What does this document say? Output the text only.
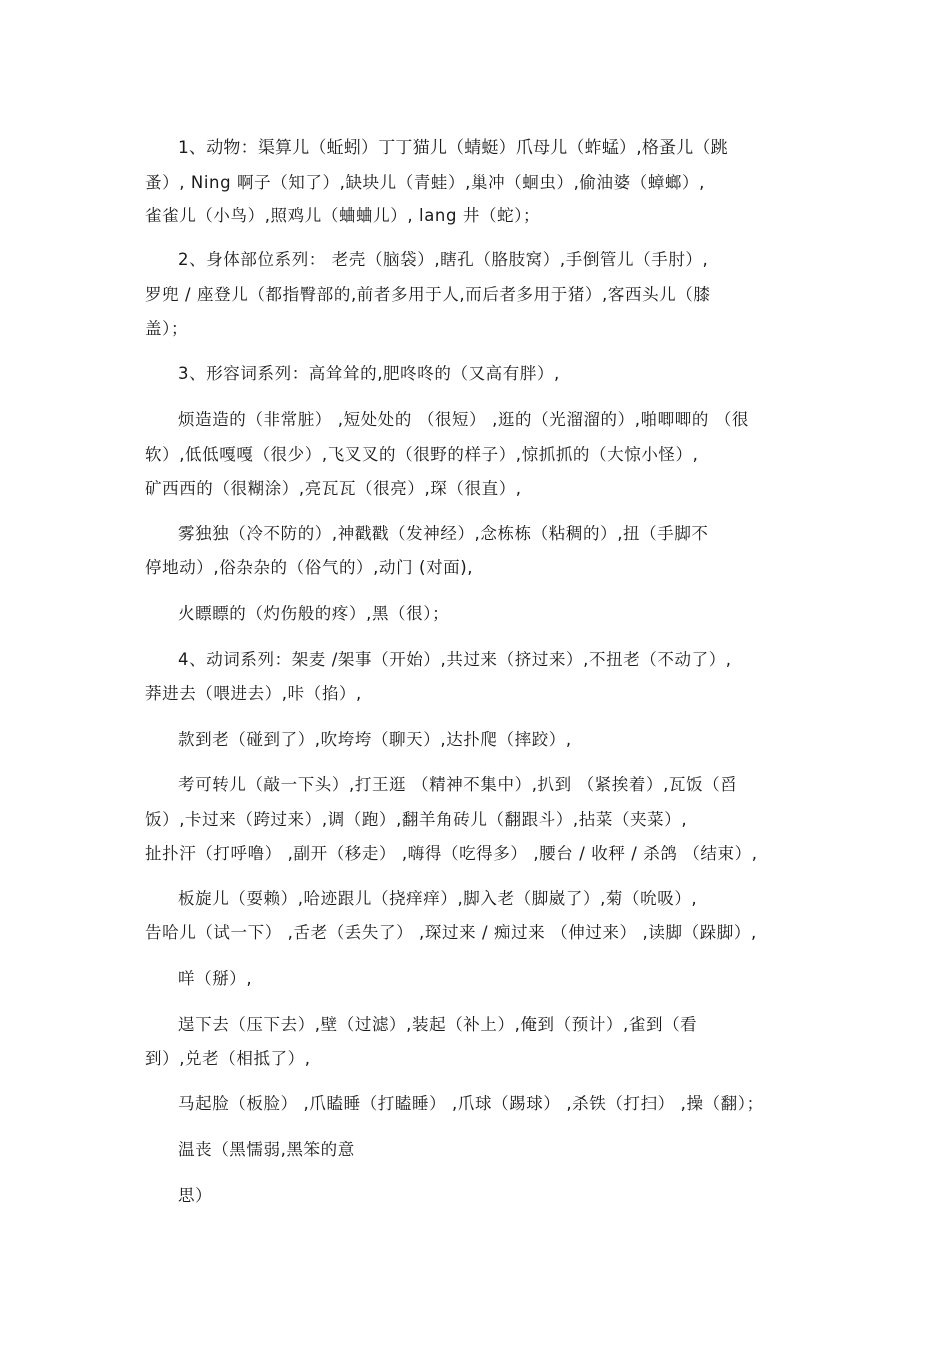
1、动物：渠算儿（蚯蚓）丁丁猫儿（蜻蜓）爪母儿（蚱蜢）,格蚤儿（跳
蚤）, Ning 啊子（知了）,缺块儿（青蛙）,巢冲（蛔虫）,偷油婆（蟑螂）,
雀雀儿（小鸟）,照鸡儿（蛐蛐儿）, lang 井（蛇）；
2、身体部位系列： 老壳（脑袋）,瞎孔（胳肢窝）,手倒管儿（手肘）,
罗兜 / 座登儿（都指臀部的,前者多用于人,而后者多用于猪）,客西头儿（膝
盖）；
3、形容词系列：高耸耸的,肥咚咚的（又高有胖）,
烦造造的（非常脏） ,短处处的 （很短） ,逛的（光溜溜的）,啪唧唧的 （很
软）,低低嘎嘎（很少）,飞叉叉的（很野的样子）,惊抓抓的（大惊小怪）,
矿西西的（很糊涂）,亮瓦瓦（很亮）,琛（很直）,
雾独独（冷不防的）,神戳戳（发神经）,念栋栋（粘稠的）,扭（手脚不
停地动）,俗杂杂的（俗气的）,动门 (对面),
火瞟瞟的（灼伤般的疼）,黑（很）；
4、动词系列：架麦 /架事（开始）,共过来（挤过来）,不扭老（不动了）,
莽进去（喂进去）,咔（掐）,
款到老（碰到了）,吹垮垮（聊天）,达扑爬（摔跤）,
考可转儿（敲一下头）,打王逛 （精神不集中）,扒到 （紧挨着）,瓦饭（舀
饭）,卡过来（跨过来）,调（跑）,翻羊角砖儿（翻跟斗）,拈菜（夹菜）,
扯扑汗（打呼噜） ,副开（移走） ,嗨得（吃得多） ,腰台 / 收秤 / 杀鸽 （结束）,
板旋儿（耍赖）,哈迹跟儿（挠痒痒）,脚入老（脚崴了）,菊（吮吸）,
告哈儿（试一下） ,舌老（丢失了） ,琛过来 / 痴过来 （伸过来） ,读脚（跺脚）,
咩（掰）,
逞下去（压下去）,壁（过滤）,装起（补上）,俺到（预计）,雀到（看
到）,兑老（相抵了）,
马起脸（板脸） ,爪瞌睡（打瞌睡） ,爪球（踢球） ,杀铁（打扫） ,操（翻）；
温丧（黑懦弱,黑笨的意
思）
